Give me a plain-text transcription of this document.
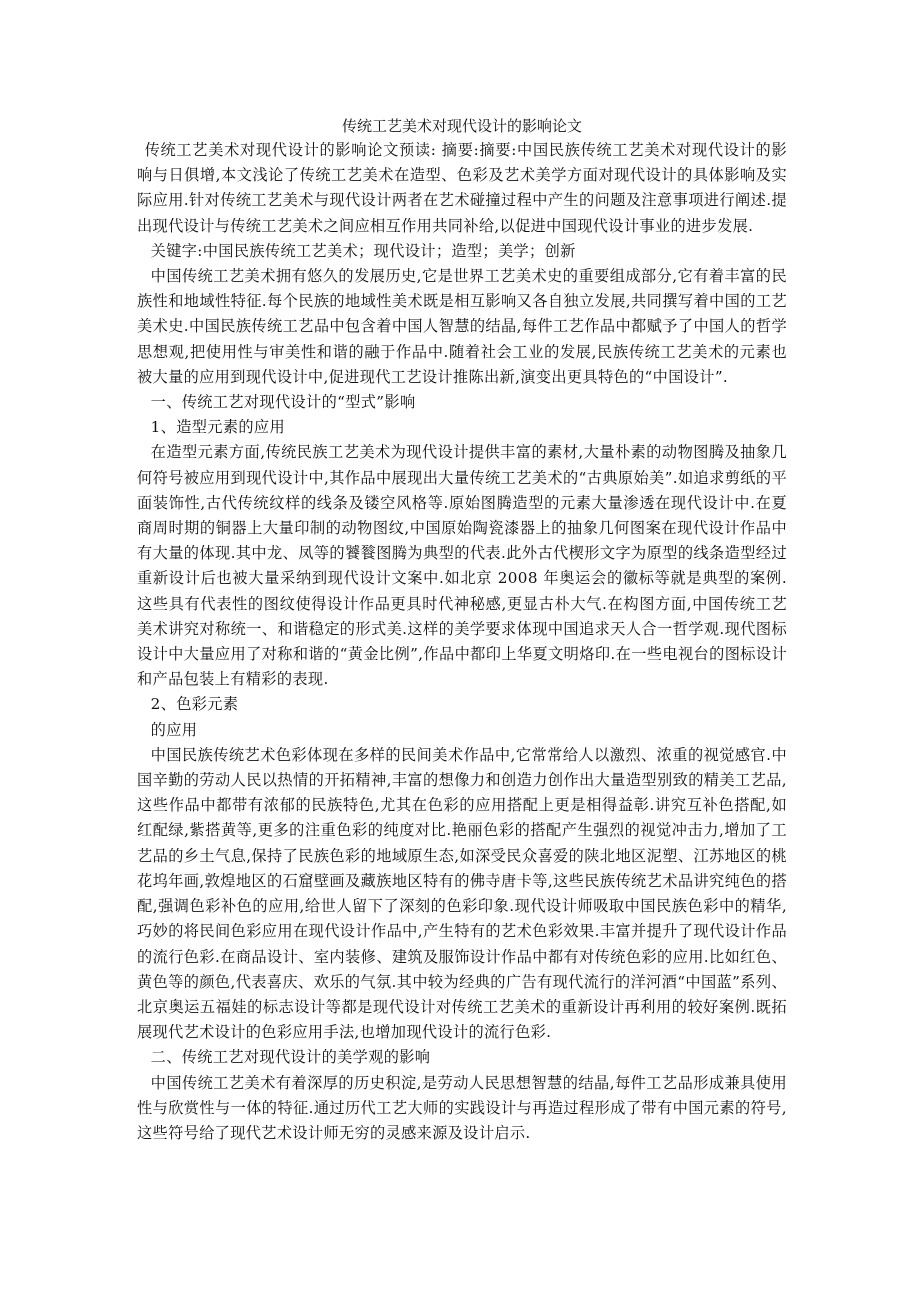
传统工艺美术对现代设计的影响论文

传统工艺美术对现代设计的影响论文预读: 摘要:摘要:中国民族传统工艺美术对现代设计的影响与日俱增,本文浅论了传统工艺美术在造型、色彩及艺术美学方面对现代设计的具体影响及实际应用.针对传统工艺美术与现代设计两者在艺术碰撞过程中产生的问题及注意事项进行阐述.提出现代设计与传统工艺美术之间应相互作用共同补给,以促进中国现代设计事业的进步发展.

关键字:中国民族传统工艺美术；现代设计；造型；美学；创新

中国传统工艺美术拥有悠久的发展历史,它是世界工艺美术史的重要组成部分,它有着丰富的民族性和地域性特征.每个民族的地域性美术既是相互影响又各自独立发展,共同撰写着中国的工艺美术史.中国民族传统工艺品中包含着中国人智慧的结晶,每件工艺作品中都赋予了中国人的哲学思想观,把使用性与审美性和谐的融于作品中.随着社会工业的发展,民族传统工艺美术的元素也被大量的应用到现代设计中,促进现代工艺设计推陈出新,演变出更具特色的“中国设计”.

一、传统工艺对现代设计的“型式”影响

1、造型元素的应用

在造型元素方面,传统民族工艺美术为现代设计提供丰富的素材,大量朴素的动物图腾及抽象几何符号被应用到现代设计中,其作品中展现出大量传统工艺美术的“古典原始美”.如追求剪纸的平面装饰性,古代传统纹样的线条及镂空风格等.原始图腾造型的元素大量渗透在现代设计中.在夏商周时期的铜器上大量印制的动物图纹,中国原始陶瓷漆器上的抽象几何图案在现代设计作品中有大量的体现.其中龙、凤等的饕餮图腾为典型的代表.此外古代楔形文字为原型的线条造型经过重新设计后也被大量采纳到现代设计文案中.如北京 2008 年奥运会的徽标等就是典型的案例.这些具有代表性的图纹使得设计作品更具时代神秘感,更显古朴大气.在构图方面,中国传统工艺美术讲究对称统一、和谐稳定的形式美.这样的美学要求体现中国追求天人合一哲学观.现代图标设计中大量应用了对称和谐的“黄金比例”,作品中都印上华夏文明烙印.在一些电视台的图标设计和产品包装上有精彩的表现.

2、色彩元素

的应用

中国民族传统艺术色彩体现在多样的民间美术作品中,它常常给人以激烈、浓重的视觉感官.中国辛勤的劳动人民以热情的开拓精神,丰富的想像力和创造力创作出大量造型别致的精美工艺品,这些作品中都带有浓郁的民族特色,尤其在色彩的应用搭配上更是相得益彰.讲究互补色搭配,如红配绿,紫搭黄等,更多的注重色彩的纯度对比.艳丽色彩的搭配产生强烈的视觉冲击力,增加了工艺品的乡土气息,保持了民族色彩的地域原生态,如深受民众喜爱的陕北地区泥塑、江苏地区的桃花坞年画,敦煌地区的石窟壁画及藏族地区特有的佛寺唐卡等,这些民族传统艺术品讲究纯色的搭配,强调色彩补色的应用,给世人留下了深刻的色彩印象.现代设计师吸取中国民族色彩中的精华,巧妙的将民间色彩应用在现代设计作品中,产生特有的艺术色彩效果.丰富并提升了现代设计作品的流行色彩.在商品设计、室内装修、建筑及服饰设计作品中都有对传统色彩的应用.比如红色、黄色等的颜色,代表喜庆、欢乐的气氛.其中较为经典的广告有现代流行的洋河酒“中国蓝”系列、北京奥运五福娃的标志设计等都是现代设计对传统工艺美术的重新设计再利用的较好案例.既拓展现代艺术设计的色彩应用手法,也增加现代设计的流行色彩.

二、传统工艺对现代设计的美学观的影响

中国传统工艺美术有着深厚的历史积淀,是劳动人民思想智慧的结晶,每件工艺品形成兼具使用性与欣赏性与一体的特征.通过历代工艺大师的实践设计与再造过程形成了带有中国元素的符号,这些符号给了现代艺术设计师无穷的灵感来源及设计启示.
